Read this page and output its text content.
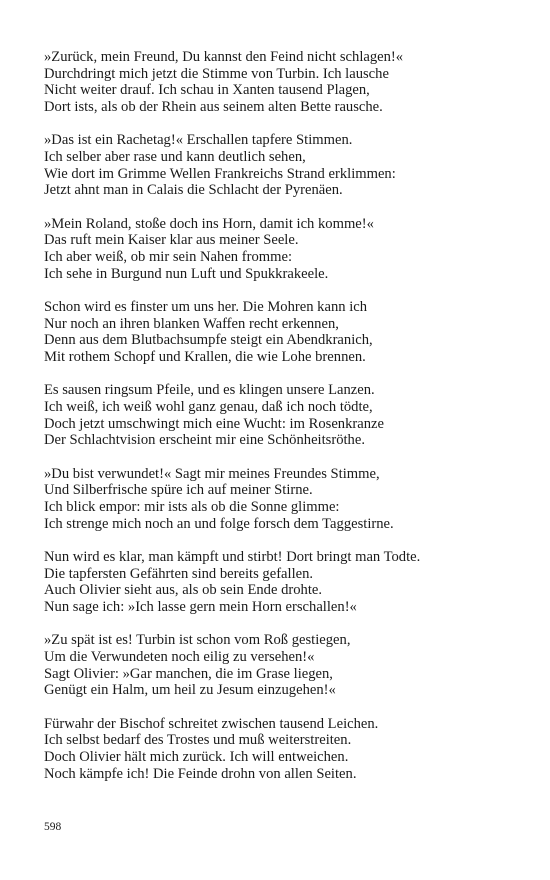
»Zurück, mein Freund, Du kannst den Feind nicht schlagen!«
Durchdringt mich jetzt die Stimme von Turbin. Ich lausche
Nicht weiter drauf. Ich schau in Xanten tausend Plagen,
Dort ists, als ob der Rhein aus seinem alten Bette rausche.
»Das ist ein Rachetag!« Erschallen tapfere Stimmen.
Ich selber aber rase und kann deutlich sehen,
Wie dort im Grimme Wellen Frankreichs Strand erklimmen:
Jetzt ahnt man in Calais die Schlacht der Pyrenäen.
»Mein Roland, stoße doch ins Horn, damit ich komme!«
Das ruft mein Kaiser klar aus meiner Seele.
Ich aber weiß, ob mir sein Nahen fromme:
Ich sehe in Burgund nun Luft und Spukkrakeele.
Schon wird es finster um uns her. Die Mohren kann ich
Nur noch an ihren blanken Waffen recht erkennen,
Denn aus dem Blutbachsumpfe steigt ein Abendkranich,
Mit rothem Schopf und Krallen, die wie Lohe brennen.
Es sausen ringsum Pfeile, und es klingen unsere Lanzen.
Ich weiß, ich weiß wohl ganz genau, daß ich noch tödte,
Doch jetzt umschwingt mich eine Wucht: im Rosenkranze
Der Schlachtvision erscheint mir eine Schönheitsröthe.
»Du bist verwundet!« Sagt mir meines Freundes Stimme,
Und Silberfrische spüre ich auf meiner Stirne.
Ich blick empor: mir ists als ob die Sonne glimme:
Ich strenge mich noch an und folge forsch dem Taggestirne.
Nun wird es klar, man kämpft und stirbt! Dort bringt man Todte.
Die tapfersten Gefährten sind bereits gefallen.
Auch Olivier sieht aus, als ob sein Ende drohte.
Nun sage ich: »Ich lasse gern mein Horn erschallen!«
»Zu spät ist es! Turbin ist schon vom Roß gestiegen,
Um die Verwundeten noch eilig zu versehen!«
Sagt Olivier: »Gar manchen, die im Grase liegen,
Genügt ein Halm, um heil zu Jesum einzugehen!«
Fürwahr der Bischof schreitet zwischen tausend Leichen.
Ich selbst bedarf des Trostes und muß weiterstreiten.
Doch Olivier hält mich zurück. Ich will entweichen.
Noch kämpfe ich! Die Feinde drohn von allen Seiten.
598
